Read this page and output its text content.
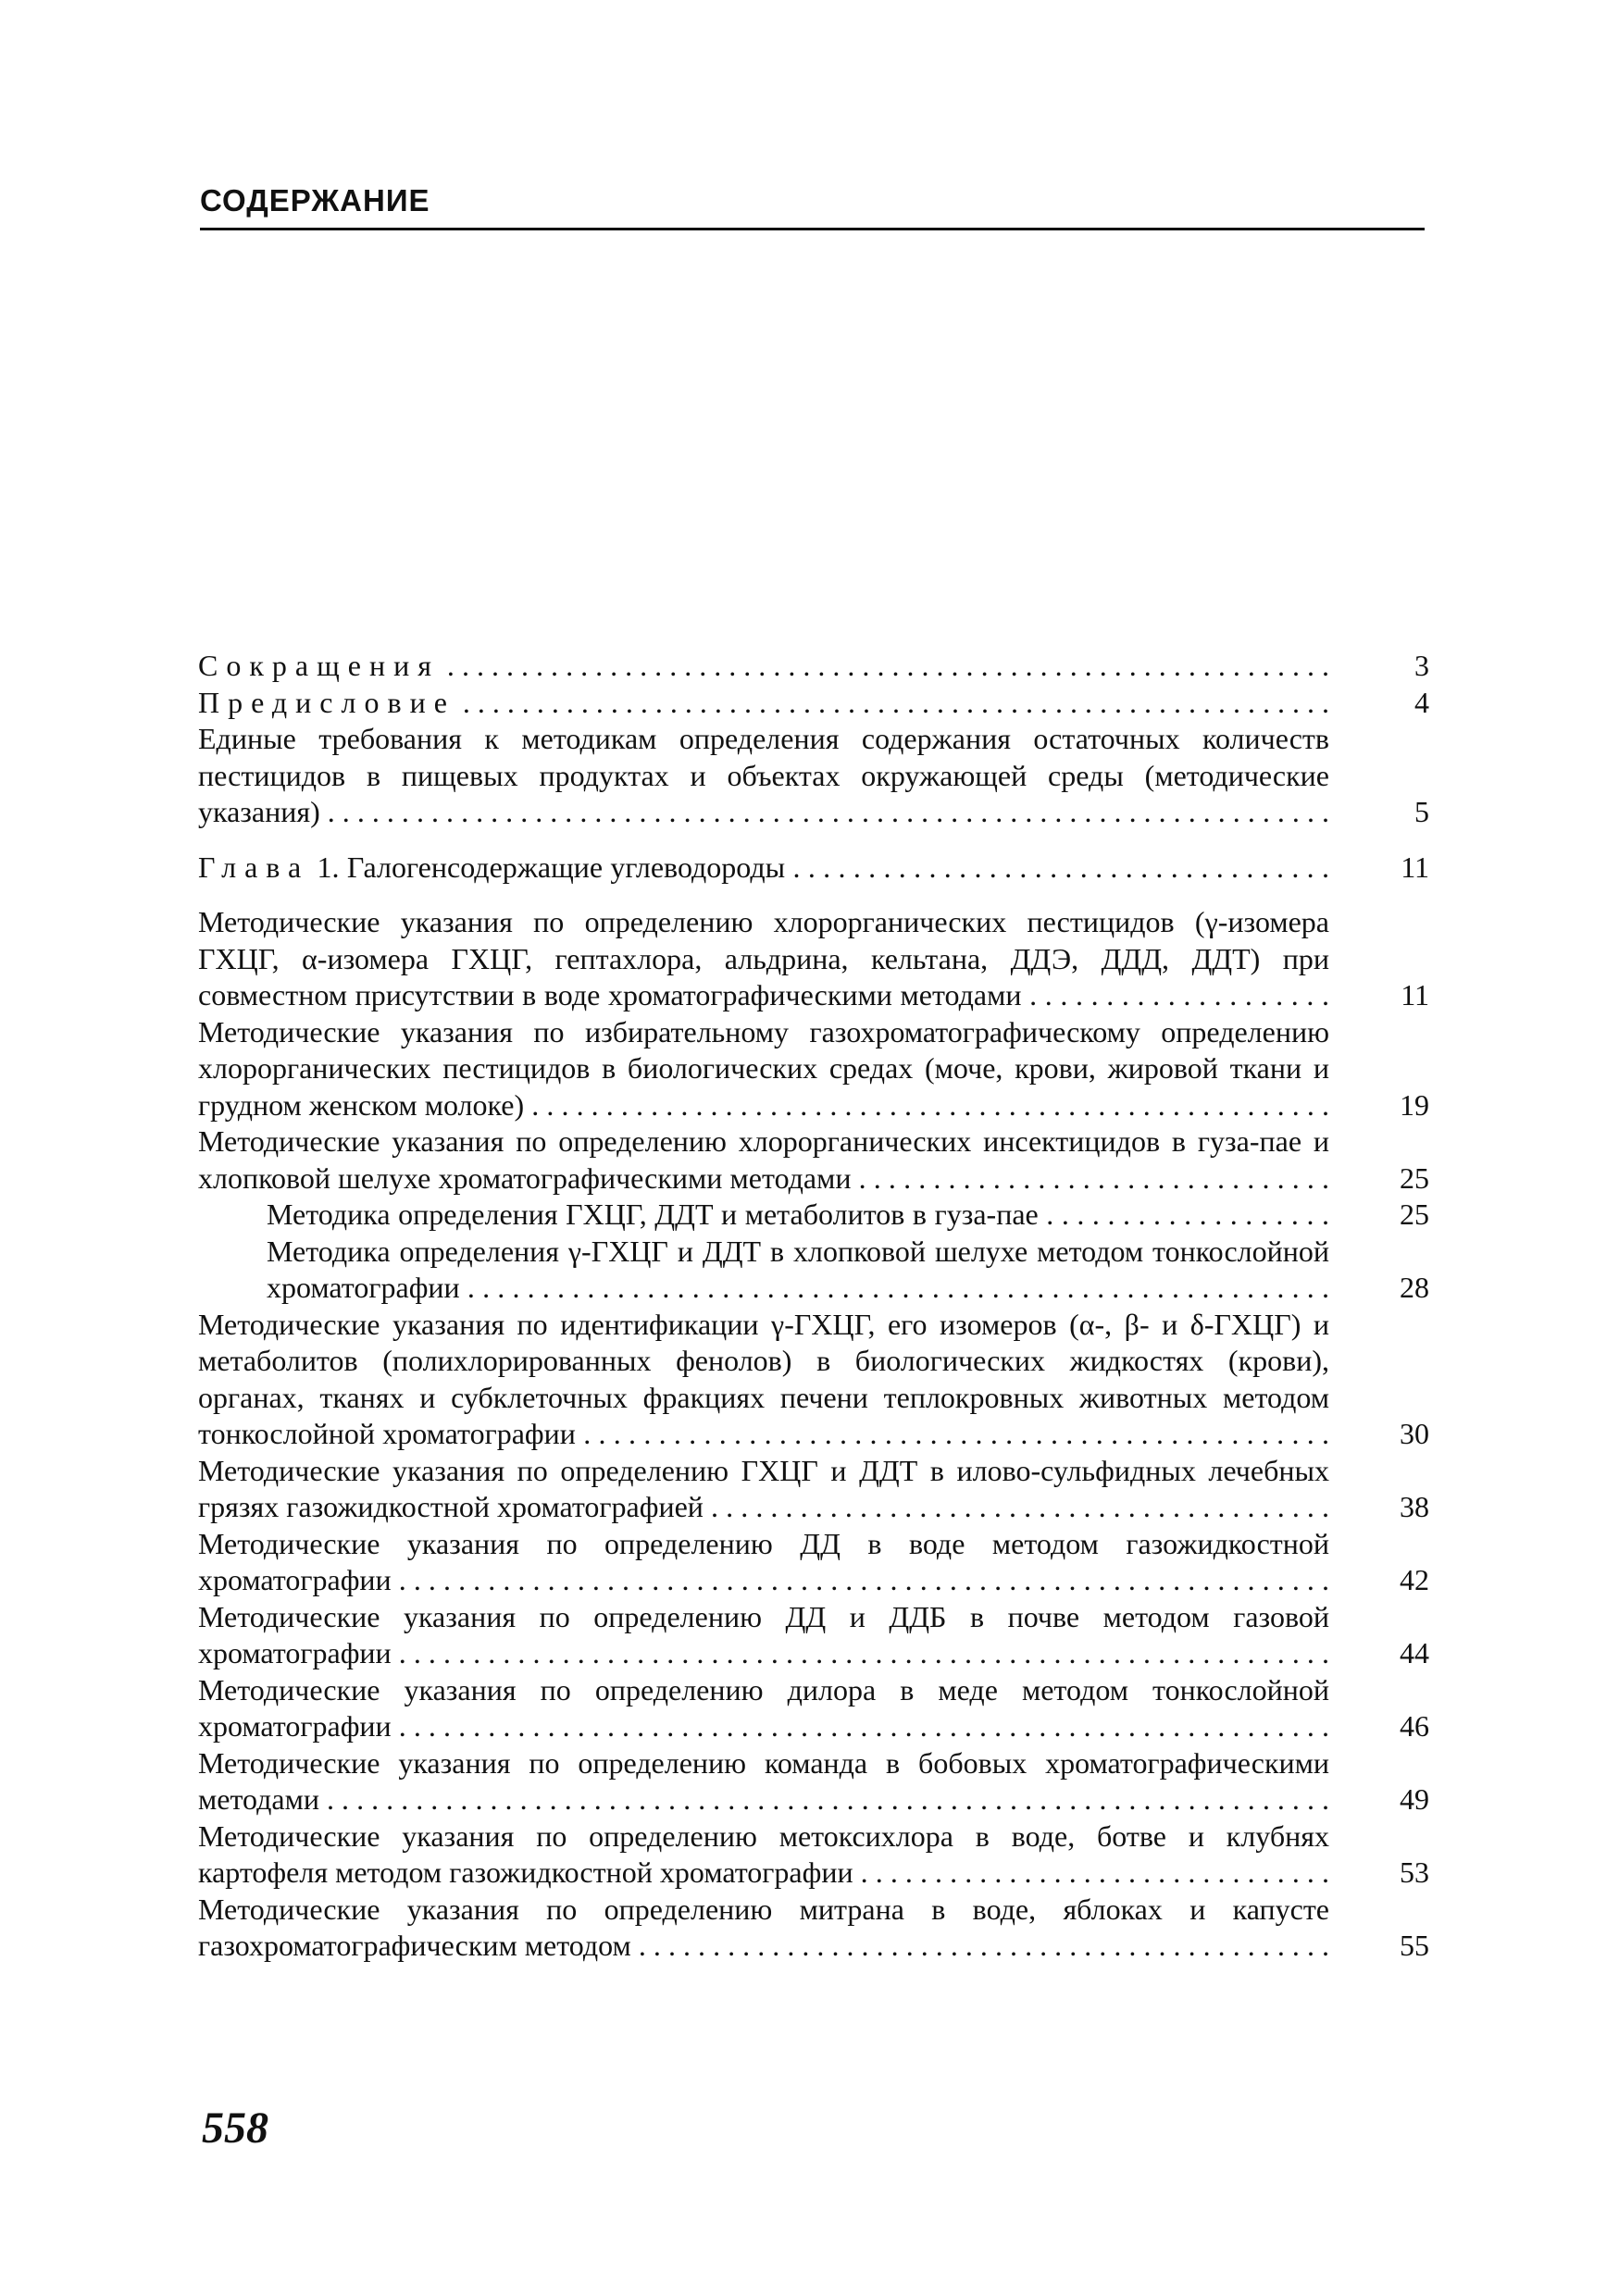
СОДЕРЖАНИЕ
Сокращения . . . . . . . . . . . . . . . . . . . . . . . . . . . . . . . . . . . . . . . . . . . . . . . . . . . . . . . . . . . .	3
Предисловие . . . . . . . . . . . . . . . . . . . . . . . . . . . . . . . . . . . . . . . . . . . . . . . . . . . . . . . . . . .	4
Единые требования к методикам определения содержания остаточных количеств пестицидов в пищевых продуктах и объектах окружающей среды (методические указания) . . . . . . . . . . . . . . . . . . . . . . . . . . . . . . . . . . . . . . . . . . . . . . . . . . . . . . . . . . . . . . . . . . . .	5
Глава 1. Галогенсодержащие углеводороды . . . . . . . . . . . . . . . . . . . . . . . . . . . . . . . . . . . .	11
Методические указания по определению хлорорганических пестицидов (γ-изомера ГХЦГ, α-изомера ГХЦГ, гептахлора, альдрина, кельтана, ДДЭ, ДДД, ДДТ) при совместном присутствии в воде хроматографическими методами . . . . . . . . . . . . . . . . . . . .	11
Методические указания по избирательному газохроматографическому определению хлорорганических пестицидов в биологических средах (моче, крови, жировой ткани и грудном женском молоке) . . . . . . . . . . . . . . . . . . . . . . . . . . . . . . . . . . . . . . . . . . . . . . . . . . . . . .	19
Методические указания по определению хлорорганических инсектицидов в гуза-пае и хлопковой шелухе хроматографическими методами . . . . . . . . . . . . . . . . . . . . . . . . . . . . . . . .	25
Методика определения ГХЦГ, ДДТ и метаболитов в гуза-пае . . . . . . . . . . . . . . . . . . .	25
Методика определения γ-ГХЦГ и ДДТ в хлопковой шелухе методом тонкослойной хроматографии . . . . . . . . . . . . . . . . . . . . . . . . . . . . . . . . . . . . . . . . . . . . . . . . . . . . . . . . . .	28
Методические указания по идентификации γ-ГХЦГ, его изомеров (α-, β- и δ-ГХЦГ) и метаболитов (полихлорированных фенолов) в биологических жидкостях (крови), органах, тканях и субклеточных фракциях печени теплокровных животных методом тонкослойной хроматографии . . . . . . . . . . . . . . . . . . . . . . . . . . . . . . . . . . . . . . . . . . . . . . . . . .	30
Методические указания по определению ГХЦГ и ДДТ в илово-сульфидных лечебных грязях газожидкостной хроматографией . . . . . . . . . . . . . . . . . . . . . . . . . . . . . . . . . . . . . . . . . .	38
Методические указания по определению ДД в воде методом газожидкостной хроматографии . . . . . . . . . . . . . . . . . . . . . . . . . . . . . . . . . . . . . . . . . . . . . . . . . . . . . . . . . . . . . . .	42
Методические указания по определению ДД и ДДБ в почве методом газовой хроматографии . . . . . . . . . . . . . . . . . . . . . . . . . . . . . . . . . . . . . . . . . . . . . . . . . . . . . . . . . . . . . . .	44
Методические указания по определению дилора в меде методом тонкослойной хроматографии . . . . . . . . . . . . . . . . . . . . . . . . . . . . . . . . . . . . . . . . . . . . . . . . . . . . . . . . . . . . . . .	46
Методические указания по определению команда в бобовых хроматографическими методами . . . . . . . . . . . . . . . . . . . . . . . . . . . . . . . . . . . . . . . . . . . . . . . . . . . . . . . . . . . . . . . . . . . .	49
Методические указания по определению метоксихлора в воде, ботве и клубнях картофеля методом газожидкостной хроматографии . . . . . . . . . . . . . . . . . . . . . . . . . . . . . . . .	53
Методические указания по определению митрана в воде, яблоках и капусте газохроматографическим методом . . . . . . . . . . . . . . . . . . . . . . . . . . . . . . . . . . . . . . . . . . . . . . .	55
558
